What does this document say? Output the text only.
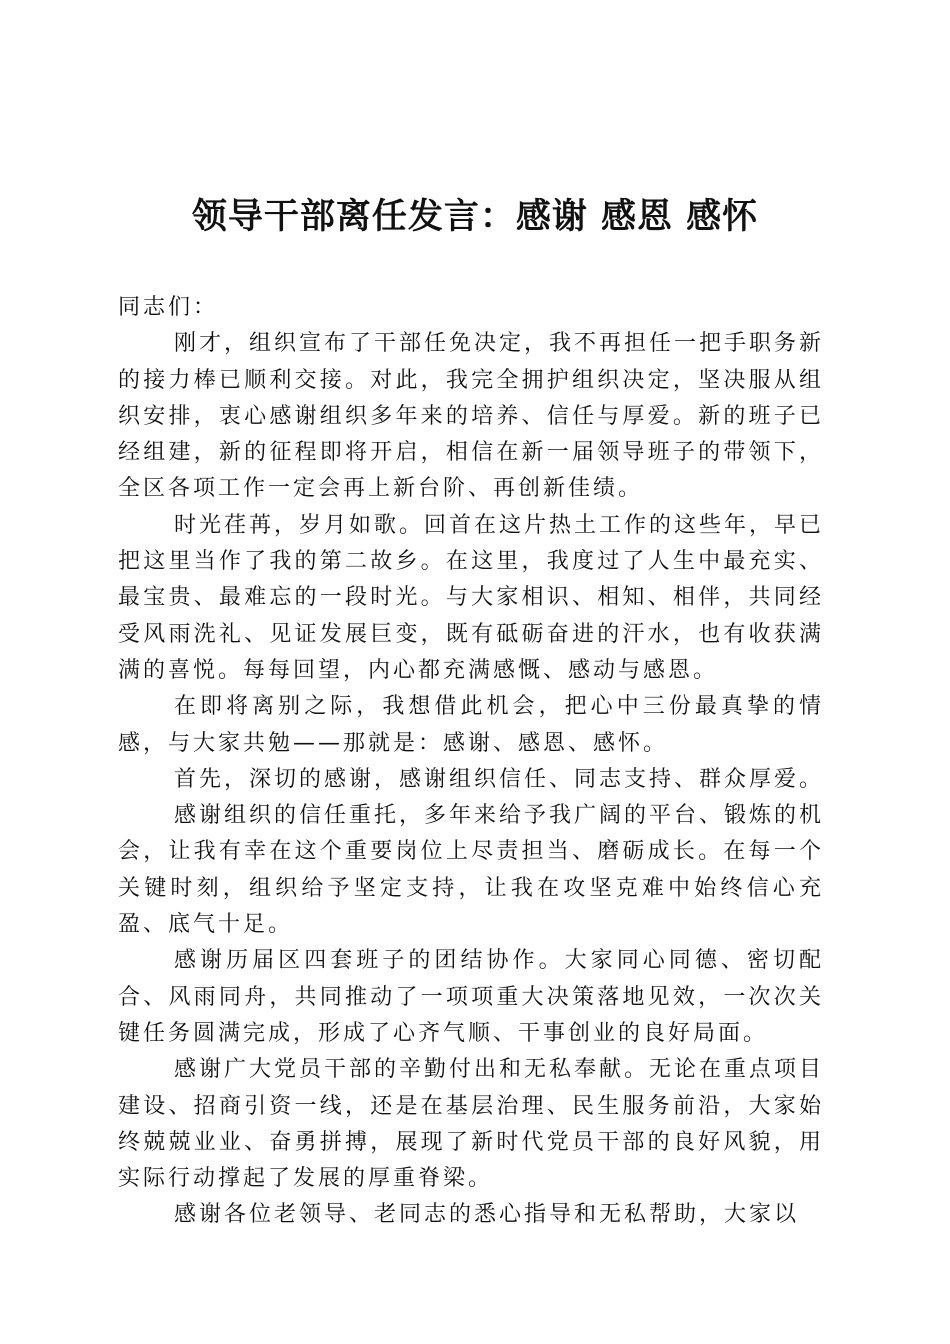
领导干部离任发言：感谢 感恩 感怀

同志们：

刚才，组织宣布了干部任免决定，我不再担任一把手职务新的接力棒已顺利交接。对此，我完全拥护组织决定，坚决服从组织安排，衷心感谢组织多年来的培养、信任与厚爱。新的班子已经组建，新的征程即将开启，相信在新一届领导班子的带领下，全区各项工作一定会再上新台阶、再创新佳绩。

时光荏苒，岁月如歌。回首在这片热土工作的这些年，早已把这里当作了我的第二故乡。在这里，我度过了人生中最充实、最宝贵、最难忘的一段时光。与大家相识、相知、相伴，共同经受风雨洗礼、见证发展巨变，既有砥砺奋进的汗水，也有收获满满的喜悦。每每回望，内心都充满感慨、感动与感恩。

在即将离别之际，我想借此机会，把心中三份最真挚的情感，与大家共勉——那就是：感谢、感恩、感怀。

首先，深切的感谢，感谢组织信任、同志支持、群众厚爱。

感谢组织的信任重托，多年来给予我广阔的平台、锻炼的机会，让我有幸在这个重要岗位上尽责担当、磨砺成长。在每一个关键时刻，组织给予坚定支持，让我在攻坚克难中始终信心充盈、底气十足。

感谢历届区四套班子的团结协作。大家同心同德、密切配合、风雨同舟，共同推动了一项项重大决策落地见效，一次次关键任务圆满完成，形成了心齐气顺、干事创业的良好局面。

感谢广大党员干部的辛勤付出和无私奉献。无论在重点项目建设、招商引资一线，还是在基层治理、民生服务前沿，大家始终兢兢业业、奋勇拼搏，展现了新时代党员干部的良好风貌，用实际行动撑起了发展的厚重脊梁。

感谢各位老领导、老同志的悉心指导和无私帮助，大家以
